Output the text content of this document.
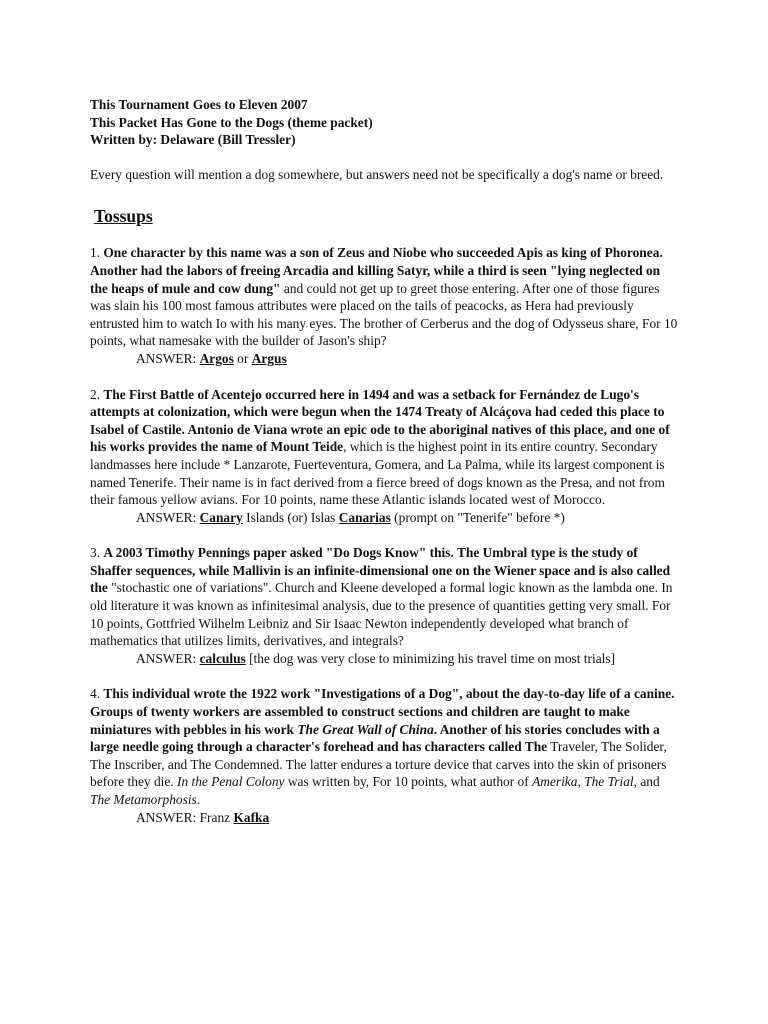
This Tournament Goes to Eleven 2007
This Packet Has Gone to the Dogs (theme packet)
Written by: Delaware (Bill Tressler)
Every question will mention a dog somewhere, but answers need not be specifically a dog's name or breed.
Tossups
1. One character by this name was a son of Zeus and Niobe who succeeded Apis as king of Phoronea. Another had the labors of freeing Arcadia and killing Satyr, while a third is seen "lying neglected on the heaps of mule and cow dung" and could not get up to greet those entering. After one of those figures was slain his 100 most famous attributes were placed on the tails of peacocks, as Hera had previously entrusted him to watch Io with his many eyes. The brother of Cerberus and the dog of Odysseus share, For 10 points, what namesake with the builder of Jason's ship?
ANSWER: Argos or Argus
2. The First Battle of Acentejo occurred here in 1494 and was a setback for Fernández de Lugo's attempts at colonization, which were begun when the 1474 Treaty of Alcáçova had ceded this place to Isabel of Castile. Antonio de Viana wrote an epic ode to the aboriginal natives of this place, and one of his works provides the name of Mount Teide, which is the highest point in its entire country. Secondary landmasses here include * Lanzarote, Fuerteventura, Gomera, and La Palma, while its largest component is named Tenerife. Their name is in fact derived from a fierce breed of dogs known as the Presa, and not from their famous yellow avians. For 10 points, name these Atlantic islands located west of Morocco.
ANSWER: Canary Islands (or) Islas Canarias (prompt on "Tenerife" before *)
3. A 2003 Timothy Pennings paper asked "Do Dogs Know" this. The Umbral type is the study of Shaffer sequences, while Mallivin is an infinite-dimensional one on the Wiener space and is also called the "stochastic one of variations". Church and Kleene developed a formal logic known as the lambda one. In old literature it was known as infinitesimal analysis, due to the presence of quantities getting very small. For 10 points, Gottfried Wilhelm Leibniz and Sir Isaac Newton independently developed what branch of mathematics that utilizes limits, derivatives, and integrals?
ANSWER: calculus [the dog was very close to minimizing his travel time on most trials]
4. This individual wrote the 1922 work "Investigations of a Dog", about the day-to-day life of a canine. Groups of twenty workers are assembled to construct sections and children are taught to make miniatures with pebbles in his work The Great Wall of China. Another of his stories concludes with a large needle going through a character's forehead and has characters called The Traveler, The Solider, The Inscriber, and The Condemned. The latter endures a torture device that carves into the skin of prisoners before they die. In the Penal Colony was written by, For 10 points, what author of Amerika, The Trial, and The Metamorphosis.
ANSWER: Franz Kafka
